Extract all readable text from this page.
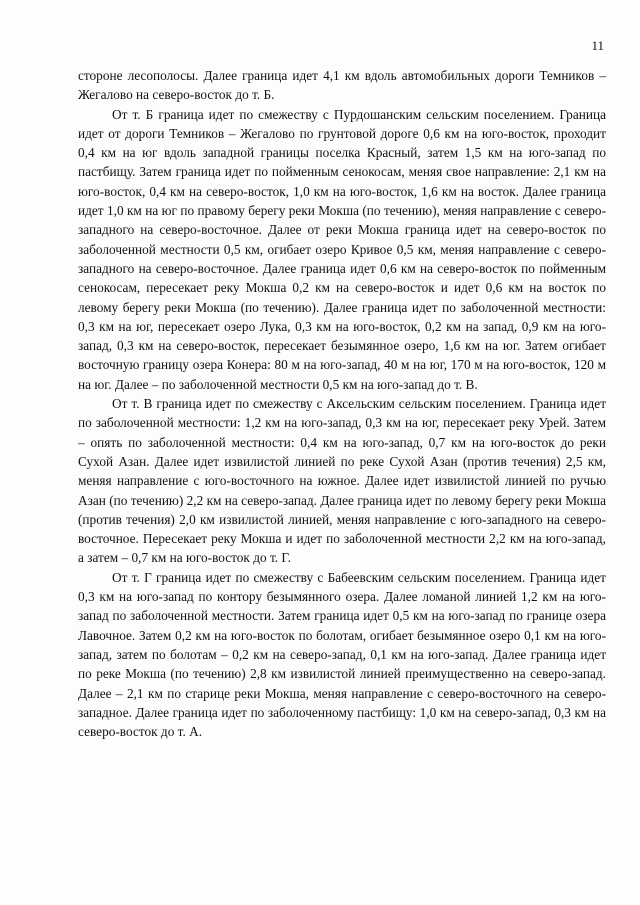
11

стороне лесополосы. Далее граница идет 4,1 км вдоль автомобильных дороги Темников – Жегалово на северо-восток до т. Б.

От т. Б граница идет по смежеству с Пурдошанским сельским поселением. Граница идет от дороги Темников – Жегалово по грунтовой дороге 0,6 км на юго-восток, проходит 0,4 км на юг вдоль западной границы поселка Красный, затем 1,5 км на юго-запад по пастбищу. Затем граница идет по пойменным сенокосам, меняя свое направление: 2,1 км на юго-восток, 0,4 км на северо-восток, 1,0 км на юго-восток, 1,6 км на восток. Далее граница идет 1,0 км на юг по правому берегу реки Мокша (по течению), меняя направление с северо-западного на северо-восточное. Далее от реки Мокша граница идет на северо-восток по заболоченной местности 0,5 км, огибает озеро Кривое 0,5 км, меняя направление с северо-западного на северо-восточное. Далее граница идет 0,6 км на северо-восток по пойменным сенокосам, пересекает реку Мокша 0,2 км на северо-восток и идет 0,6 км на восток по левому берегу реки Мокша (по течению). Далее граница идет по заболоченной местности: 0,3 км на юг, пересекает озеро Лука, 0,3 км на юго-восток, 0,2 км на запад, 0,9 км на юго-запад, 0,3 км на северо-восток, пересекает безымянное озеро, 1,6 км на юг. Затем огибает восточную границу озера Конера: 80 м на юго-запад, 40 м на юг, 170 м на юго-восток, 120 м на юг. Далее – по заболоченной местности 0,5 км на юго-запад до т. В.

От т. В граница идет по смежеству с Аксельским сельским поселением. Граница идет по заболоченной местности: 1,2 км на юго-запад, 0,3 км на юг, пересекает реку Урей. Затем – опять по заболоченной местности: 0,4 км на юго-запад, 0,7 км на юго-восток до реки Сухой Азан. Далее идет извилистой линией по реке Сухой Азан (против течения) 2,5 км, меняя направление с юго-восточного на южное. Далее идет извилистой линией по ручью Азан (по течению) 2,2 км на северо-запад. Далее граница идет по левому берегу реки Мокша (против течения) 2,0 км извилистой линией, меняя направление с юго-западного на северо-восточное. Пересекает реку Мокша и идет по заболоченной местности 2,2 км на юго-запад, а затем – 0,7 км на юго-восток до т. Г.

От т. Г граница идет по смежеству с Бабеевским сельским поселением. Граница идет 0,3 км на юго-запад по контору безымянного озера. Далее ломаной линией 1,2 км на юго-запад по заболоченной местности. Затем граница идет 0,5 км на юго-запад по границе озера Лавочное. Затем 0,2 км на юго-восток по болотам, огибает безымянное озеро 0,1 км на юго-запад, затем по болотам – 0,2 км на северо-запад, 0,1 км на юго-запад. Далее граница идет по реке Мокша (по течению) 2,8 км извилистой линией преимущественно на северо-запад. Далее – 2,1 км по старице реки Мокша, меняя направление с северо-восточного на северо-западное. Далее граница идет по заболоченному пастбищу: 1,0 км на северо-запад, 0,3 км на северо-восток до т. А.
